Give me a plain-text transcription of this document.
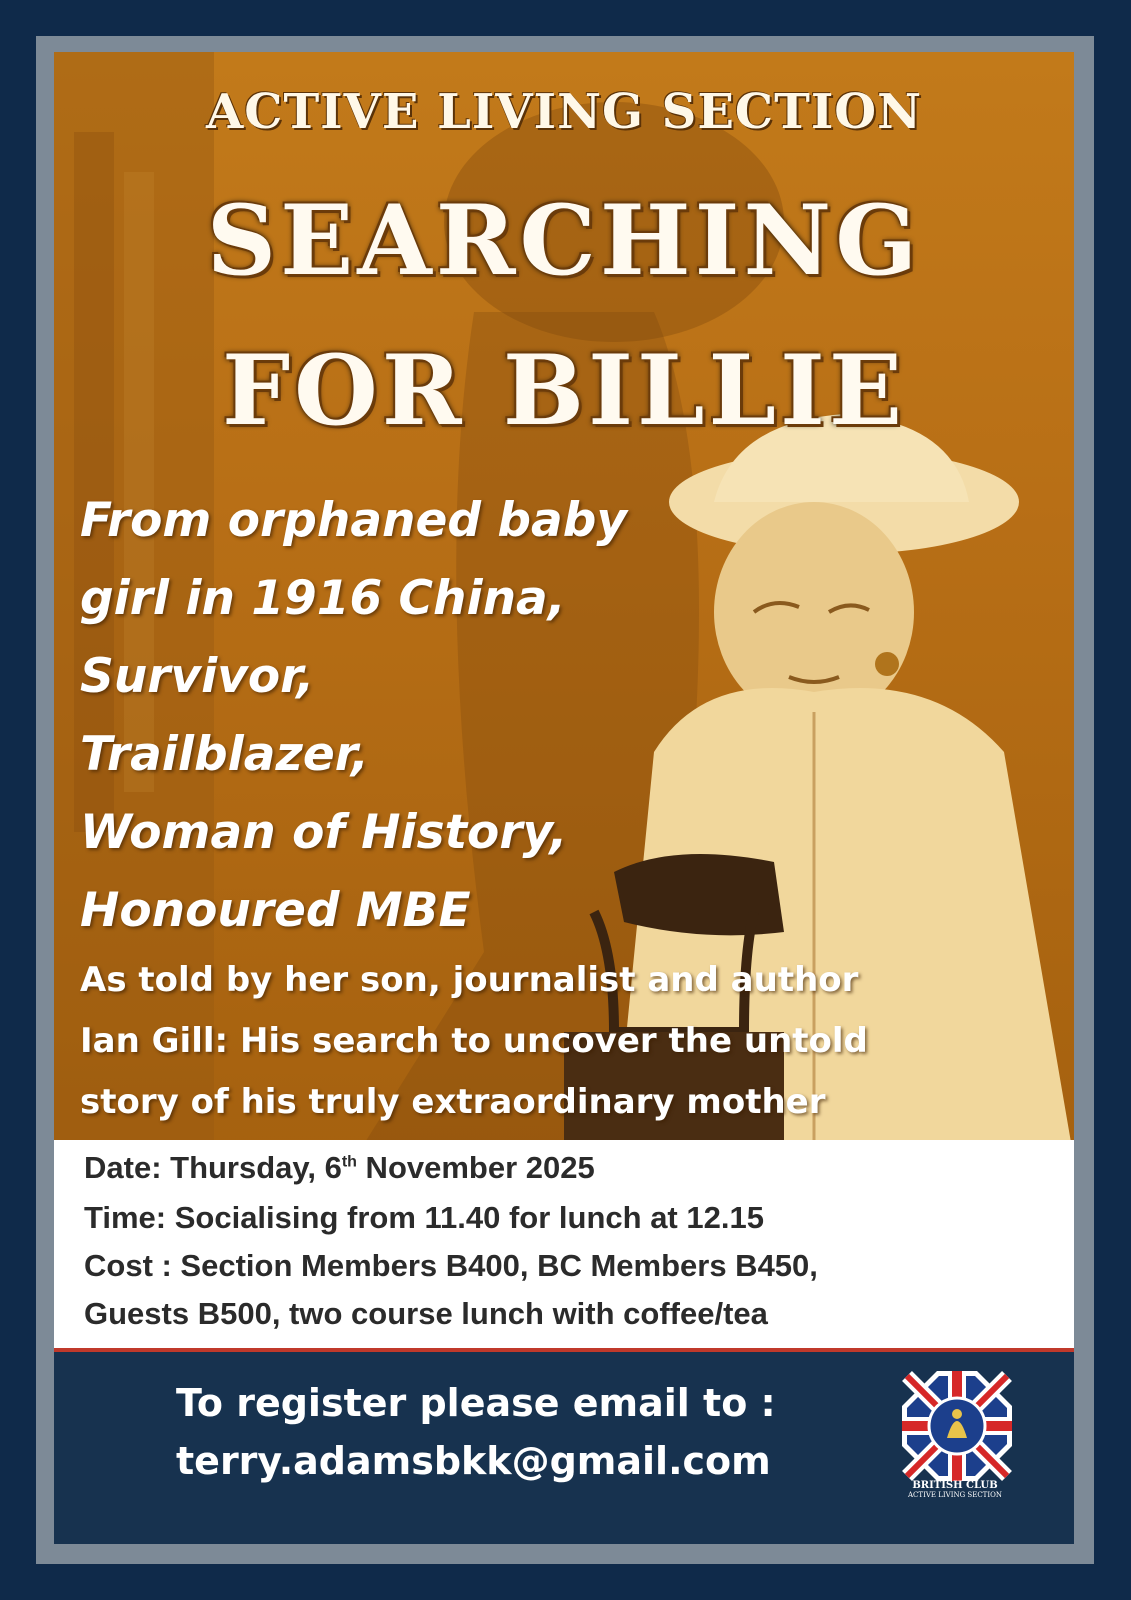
ACTIVE LIVING SECTION
SEARCHING
FOR BILLIE
From orphaned baby
girl in 1916 China,
Survivor,
Trailblazer,
Woman of History,
Honoured MBE
As told by her son, journalist and author
Ian Gill: His search to uncover the untold
story of his truly extraordinary mother
Date: Thursday, 6th November 2025
Time: Socialising from 11.40 for lunch at 12.15
Cost : Section Members B400, BC Members B450,
Guests B500, two course lunch with coffee/tea
To register please email to :
terry.adamsbkk@gmail.com
BRITISH CLUB
ACTIVE LIVING SECTION
